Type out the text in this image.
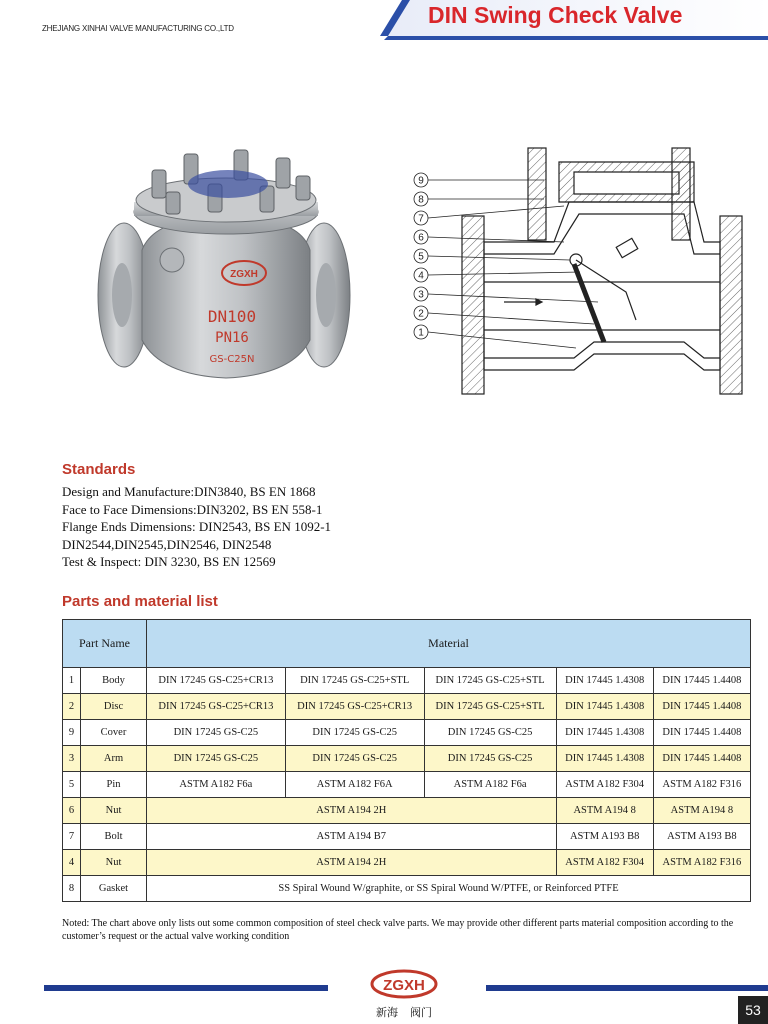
ZHEJIANG XINHAI VALVE MANUFACTURING CO.,LTD
DIN Swing Check Valve
ZGXH
DN100
PN16
GS-C25N
9
8
7
6
5
4
3
2
1
Standards
Design and Manufacture:DIN3840, BS EN 1868
Face to Face Dimensions:DIN3202, BS EN 558-1
Flange Ends Dimensions: DIN2543, BS EN 1092-1
DIN2544,DIN2545,DIN2546, DIN2548
Test & Inspect: DIN 3230, BS EN 12569
Parts and material list
Part Name		Material				
1	Body	DIN 17245 GS-C25+CR13	DIN 17245 GS-C25+STL	DIN 17245 GS-C25+STL	DIN 17445 1.4308	DIN 17445 1.4408
2	Disc	DIN 17245 GS-C25+CR13	DIN 17245 GS-C25+CR13	DIN 17245 GS-C25+STL	DIN 17445 1.4308	DIN 17445 1.4408
9	Cover	DIN 17245 GS-C25	DIN 17245 GS-C25	DIN 17245 GS-C25	DIN 17445 1.4308	DIN 17445 1.4408
3	Arm	DIN 17245 GS-C25	DIN 17245 GS-C25	DIN 17245 GS-C25	DIN 17445 1.4308	DIN 17445 1.4408
5	Pin	ASTM A182 F6a	ASTM A182 F6A	ASTM A182 F6a	ASTM A182 F304	ASTM A182 F316
6	Nut	ASTM A194 2H			ASTM A194 8	ASTM A194 8
7	Bolt	ASTM A194 B7			ASTM A193 B8	ASTM A193 B8
4	Nut	ASTM A194 2H			ASTM A182 F304	ASTM A182 F316
8	Gasket	SS Spiral Wound W/graphite, or SS Spiral Wound W/PTFE, or Reinforced PTFE				
Noted: The chart above only lists out some common composition of steel check valve parts. We may provide other different parts material composition according to the customer’s request or the actual valve working condition
ZGXH
新海 阀门	53
